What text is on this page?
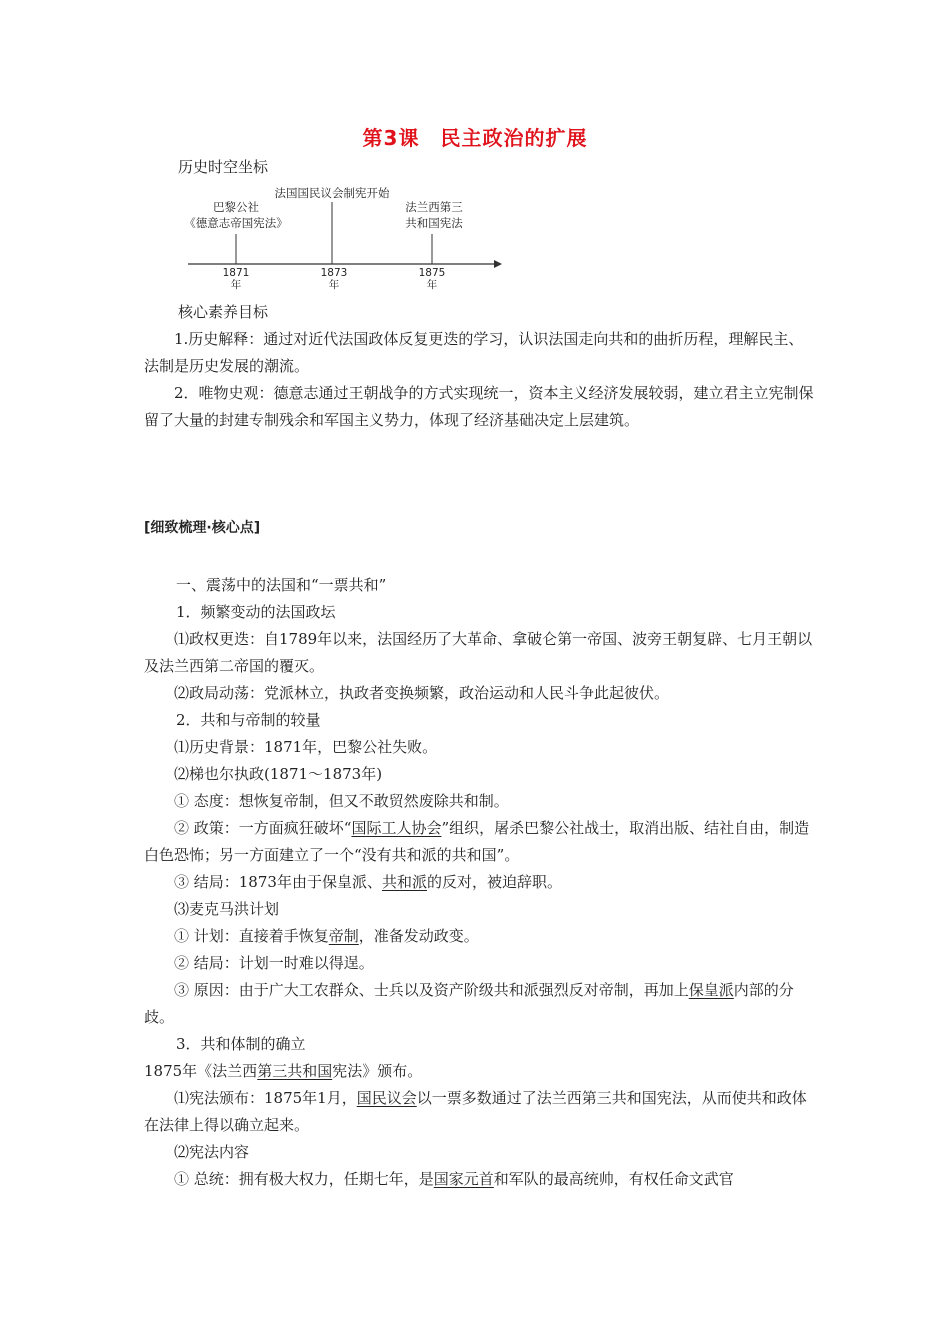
第3课　民主政治的扩展
历史时空坐标
巴黎公社
《德意志帝国宪法》
法国国民议会制宪开始
法兰西第三
共和国宪法
1871
年
1873
年
1875
年
核心素养目标

1.历史解释：通过对近代法国政体反复更迭的学习，认识法国走向共和的曲折历程，理解民主、法制是历史发展的潮流。

2．唯物史观：德意志通过王朝战争的方式实现统一，资本主义经济发展较弱，建立君主立宪制保留了大量的封建专制残余和军国主义势力，体现了经济基础决定上层建筑。

[细致梳理·核心点]
一、震荡中的法国和“一票共和”
1．频繁变动的法国政坛

⑴政权更迭：自1789年以来，法国经历了大革命、拿破仑第一帝国、波旁王朝复辟、七月王朝以及法兰西第二帝国的覆灭。

⑵政局动荡：党派林立，执政者变换频繁，政治运动和人民斗争此起彼伏。

2．共和与帝制的较量

⑴历史背景：1871年，巴黎公社失败。

⑵梯也尔执政(1871～1873年)

① 态度：想恢复帝制，但又不敢贸然废除共和制。

② 政策：一方面疯狂破坏“国际工人协会”组织，屠杀巴黎公社战士，取消出版、结社自由，制造白色恐怖；另一方面建立了一个“没有共和派的共和国”。

③ 结局：1873年由于保皇派、共和派的反对，被迫辞职。

⑶麦克马洪计划

① 计划：直接着手恢复帝制，准备发动政变。

② 结局：计划一时难以得逞。

③ 原因：由于广大工农群众、士兵以及资产阶级共和派强烈反对帝制，再加上保皇派内部的分歧。

3．共和体制的确立

1875年《法兰西第三共和国宪法》颁布。

⑴宪法颁布：1875年1月，国民议会以一票多数通过了法兰西第三共和国宪法，从而使共和政体在法律上得以确立起来。

⑵宪法内容

① 总统：拥有极大权力，任期七年，是国家元首和军队的最高统帅，有权任命文武官
